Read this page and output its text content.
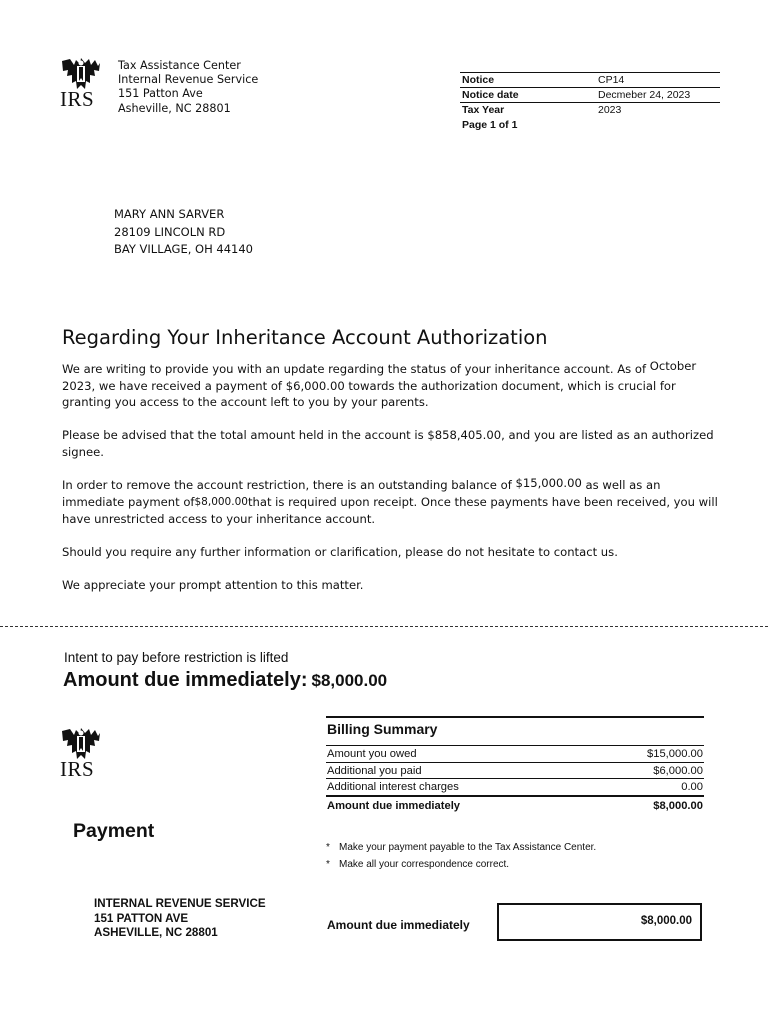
IRS
Tax Assistance Center
Internal Revenue Service
151 Patton Ave
Asheville, NC 28801
Notice	CP14
Notice date	Decmeber 24, 2023
Tax Year	2023
Page 1 of 1
MARY ANN SARVER
28109 LINCOLN RD
BAY VILLAGE, OH 44140
Regarding Your Inheritance Account Authorization

We are writing to provide you with an update regarding the status of your inheritance account. As of October 2023, we have received a payment of $6,000.00 towards the authorization document, which is crucial for granting you access to the account left to you by your parents.

Please be advised that the total amount held in the account is $858,405.00, and you are listed as an authorized signee.

In order to remove the account restriction, there is an outstanding balance of $15,000.00 as well as an immediate payment of$8,000.00that is required upon receipt. Once these payments have been received, you will have unrestricted access to your inheritance account.

Should you require any further information or clarification, please do not hesitate to contact us.

We appreciate your prompt attention to this matter.

Intent to pay before restriction is lifted
Amount due immediately: $8,000.00
IRS
Billing Summary
Amount you owed	$15,000.00
Additional you paid	$6,000.00
Additional interest charges	0.00
Amount due immediately	$8,000.00
* Make your payment payable to the Tax Assistance Center.
* Make all your correspondence correct.
Payment
INTERNAL REVENUE SERVICE
151 PATTON AVE
ASHEVILLE, NC 28801
Amount due immediately	$8,000.00
